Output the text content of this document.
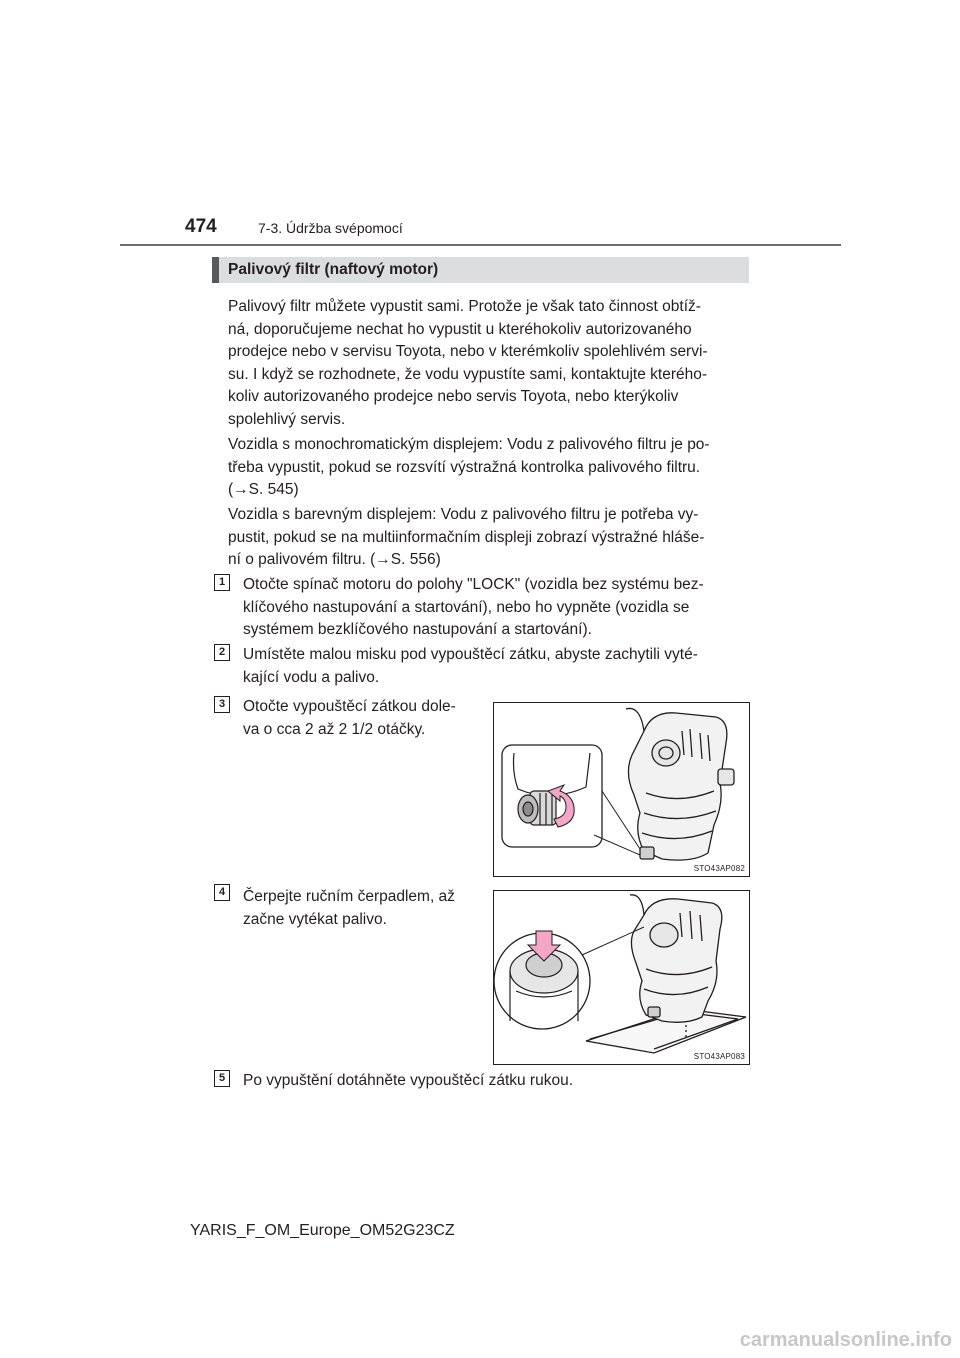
474	7-3. Údržba svépomocí
Palivový filtr (naftový motor)
Palivový filtr můžete vypustit sami. Protože je však tato činnost obtíž-
ná, doporučujeme nechat ho vypustit u kteréhokoliv autorizovaného
prodejce nebo v servisu Toyota, nebo v kterémkoliv spolehlivém servi-
su. I když se rozhodnete, že vodu vypustíte sami, kontaktujte kterého-
koliv autorizovaného prodejce nebo servis Toyota, nebo kterýkoliv
spolehlivý servis.
Vozidla s monochromatickým displejem: Vodu z palivového filtru je po-
třeba vypustit, pokud se rozsvítí výstražná kontrolka palivového filtru.
(→S. 545)
Vozidla s barevným displejem: Vodu z palivového filtru je potřeba vy-
pustit, pokud se na multiinformačním displeji zobrazí výstražné hláše-
ní o palivovém filtru. (→S. 556)
1	Otočte spínač motoru do polohy "LOCK" (vozidla bez systému bez-
klíčového nastupování a startování), nebo ho vypněte (vozidla se
systémem bezklíčového nastupování a startování).
2	Umístěte malou misku pod vypouštěcí zátku, abyste zachytili vyté-
kající vodu a palivo.
3	Otočte vypouštěcí zátkou dole-
va o cca 2 až 2 1/2 otáčky.
STO43AP082
4	Čerpejte ručním čerpadlem, až
začne vytékat palivo.
STO43AP083
5	Po vypuštění dotáhněte vypouštěcí zátku rukou.
YARIS_F_OM_Europe_OM52G23CZ
carmanualsonline.info
